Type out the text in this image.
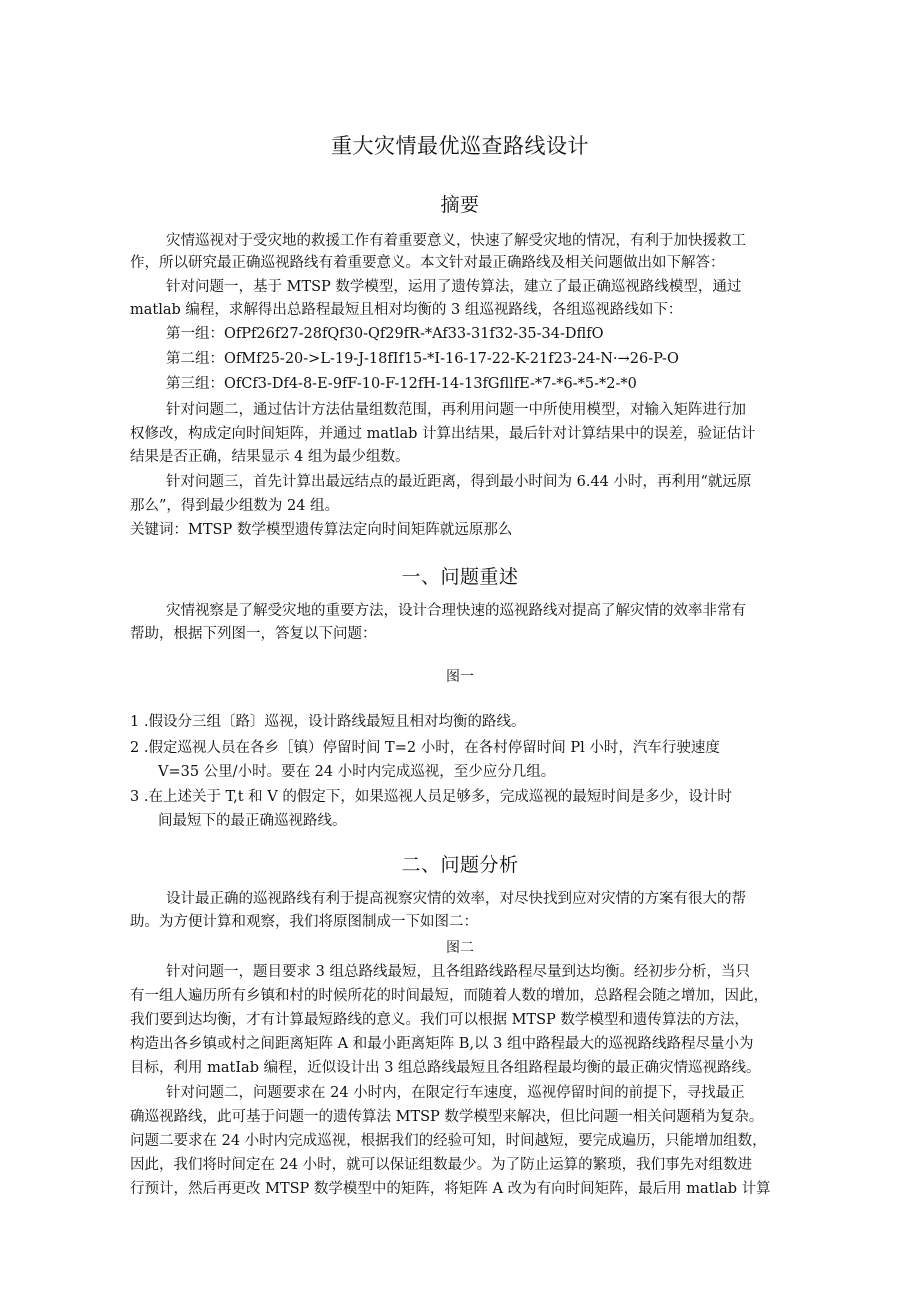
重大灾情最优巡查路线设计
摘要
灾情巡视对于受灾地的救援工作有着重要意义，快速了解受灾地的情况，有利于加快援救工
作，所以研究最正确巡视路线有着重要意义。本文针对最正确路线及相关问题做出如下解答：
针对问题一，基于 MTSP 数学模型，运用了遗传算法，建立了最正确巡视路线模型，通过
matlab 编程，求解得出总路程最短且相对均衡的 3 组巡视路线，各组巡视路线如下：
第一组：OfPf26f27-28fQf30-Qf29fR-*Af33-31f32-35-34-DflfO
第二组：OfMf25-20->L-19-J-18fIf15-*I-16-17-22-K-21f23-24-N·→26-P-O
第三组：OfCf3-Df4-8-E-9fF-10-F-12fH-14-13fGfllfE-*7-*6-*5-*2-*0
针对问题二，通过估计方法估量组数范围，再利用问题一中所使用模型，对输入矩阵进行加
权修改，构成定向时间矩阵，并通过 matlab 计算出结果，最后针对计算结果中的误差，验证估计
结果是否正确，结果显示 4 组为最少组数。
针对问题三，首先计算出最远结点的最近距离，得到最小时间为 6.44 小时，再利用“就远原
那么”，得到最少组数为 24 组。
关键词：MTSP 数学模型遗传算法定向时间矩阵就远原那么
一、问题重述
灾情视察是了解受灾地的重要方法，设计合理快速的巡视路线对提高了解灾情的效率非常有
帮助，根据下列图一，答复以下问题：
图一
1 .假设分三组〔路〕巡视，设计路线最短且相对均衡的路线。
2 .假定巡视人员在各乡［镇）停留时间 T=2 小时，在各村停留时间 Pl 小时，汽车行驶速度
V=35 公里/小时。要在 24 小时内完成巡视，至少应分几组。
3 .在上述关于 T,t 和 V 的假定下，如果巡视人员足够多，完成巡视的最短时间是多少，设计时
间最短下的最正确巡视路线。
二、问题分析
设计最正确的巡视路线有利于提高视察灾情的效率，对尽快找到应对灾情的方案有很大的帮
助。为方便计算和观察，我们将原图制成一下如图二：
图二
针对问题一，题目要求 3 组总路线最短，且各组路线路程尽量到达均衡。经初步分析，当只
有一组人遍历所有乡镇和村的时候所花的时间最短，而随着人数的增加，总路程会随之增加，因此，
我们要到达均衡，才有计算最短路线的意义。我们可以根据 MTSP 数学模型和遗传算法的方法，
构造出各乡镇或村之间距离矩阵 A 和最小距离矩阵 B,以 3 组中路程最大的巡视路线路程尽量小为
目标，利用 matIab 编程，近似设计出 3 组总路线最短且各组路程最均衡的最正确灾情巡视路线。
针对问题二，问题要求在 24 小时内，在限定行车速度，巡视停留时间的前提下，寻找最正
确巡视路线，此可基于问题一的遗传算法 MTSP 数学模型来解决，但比问题一相关问题稍为复杂。
问题二要求在 24 小时内完成巡视，根据我们的经验可知，时间越短，要完成遍历，只能增加组数，
因此，我们将时间定在 24 小时，就可以保证组数最少。为了防止运算的繁琐，我们事先对组数进
行预计，然后再更改 MTSP 数学模型中的矩阵，将矩阵 A 改为有向时间矩阵，最后用 matlab 计算
